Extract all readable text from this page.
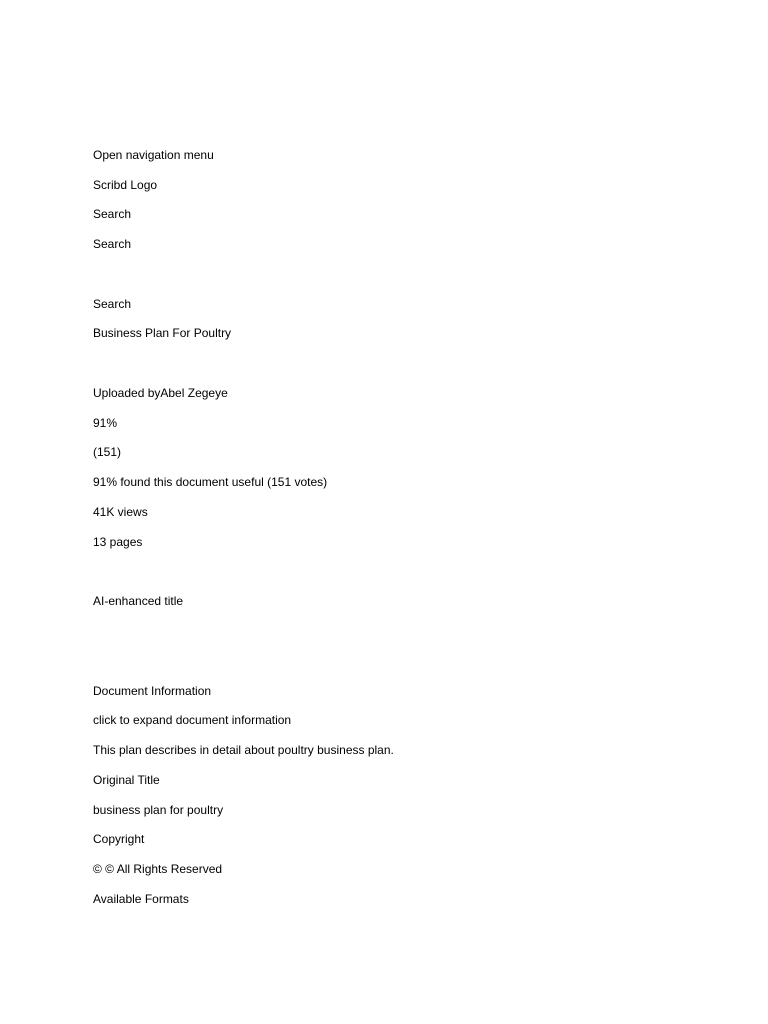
Open navigation menu
Scribd Logo
Search
Search
Search
Business Plan For Poultry
Uploaded byAbel Zegeye
91%
(151)
91% found this document useful (151 votes)
41K views
13 pages
AI-enhanced title
Document Information
click to expand document information
This plan describes in detail about poultry business plan.
Original Title
business plan for poultry
Copyright
© © All Rights Reserved
Available Formats
